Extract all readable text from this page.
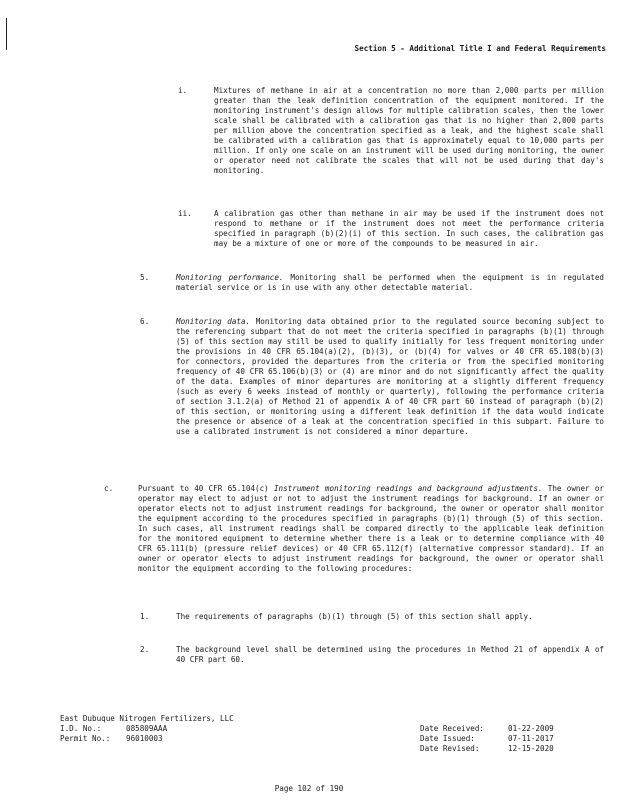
Section 5 - Additional Title I and Federal Requirements
i.	Mixtures of methane in air at a concentration no more than 2,000 parts per million greater than the leak definition concentration of the equipment monitored. If the monitoring instrument's design allows for multiple calibration scales, then the lower scale shall be calibrated with a calibration gas that is no higher than 2,000 parts per million above the concentration specified as a leak, and the highest scale shall be calibrated with a calibration gas that is approximately equal to 10,000 parts per million. If only one scale on an instrument will be used during monitoring, the owner or operator need not calibrate the scales that will not be used during that day's monitoring.

ii.	A calibration gas other than methane in air may be used if the instrument does not respond to methane or if the instrument does not meet the performance criteria specified in paragraph (b)(2)(i) of this section. In such cases, the calibration gas may be a mixture of one or more of the compounds to be measured in air.

5.	Monitoring performance. Monitoring shall be performed when the equipment is in regulated material service or is in use with any other detectable material.

6.	Monitoring data. Monitoring data obtained prior to the regulated source becoming subject to the referencing subpart that do not meet the criteria specified in paragraphs (b)(1) through (5) of this section may still be used to qualify initially for less frequent monitoring under the provisions in 40 CFR 65.104(a)(2), (b)(3), or (b)(4) for valves or 40 CFR 65.108(b)(3) for connectors, provided the departures from the criteria or from the specified monitoring frequency of 40 CFR 65.106(b)(3) or (4) are minor and do not significantly affect the quality of the data. Examples of minor departures are monitoring at a slightly different frequency (such as every 6 weeks instead of monthly or quarterly), following the performance criteria of section 3.1.2(a) of Method 21 of appendix A of 40 CFR part 60 instead of paragraph (b)(2) of this section, or monitoring using a different leak definition if the data would indicate the presence or absence of a leak at the concentration specified in this subpart. Failure to use a calibrated instrument is not considered a minor departure.

c.	Pursuant to 40 CFR 65.104(c) Instrument monitoring readings and background adjustments. The owner or operator may elect to adjust or not to adjust the instrument readings for background. If an owner or operator elects not to adjust instrument readings for background, the owner or operator shall monitor the equipment according to the procedures specified in paragraphs (b)(1) through (5) of this section. In such cases, all instrument readings shall be compared directly to the applicable leak definition for the monitored equipment to determine whether there is a leak or to determine compliance with 40 CFR 65.111(b) (pressure relief devices) or 40 CFR 65.112(f) (alternative compressor standard). If an owner or operator elects to adjust instrument readings for background, the owner or operator shall monitor the equipment according to the following procedures:

1.	The requirements of paragraphs (b)(1) through (5) of this section shall apply.

2.	The background level shall be determined using the procedures in Method 21 of appendix A of 40 CFR part 60.

East Dubuque Nitrogen Fertilizers, LLC
I.D. No.:	085809AAA
Permit No.: 96010003
Date Received:	01-22-2009
Date Issued:	07-11-2017
Date Revised:	12-15-2020
Page 102 of 190
